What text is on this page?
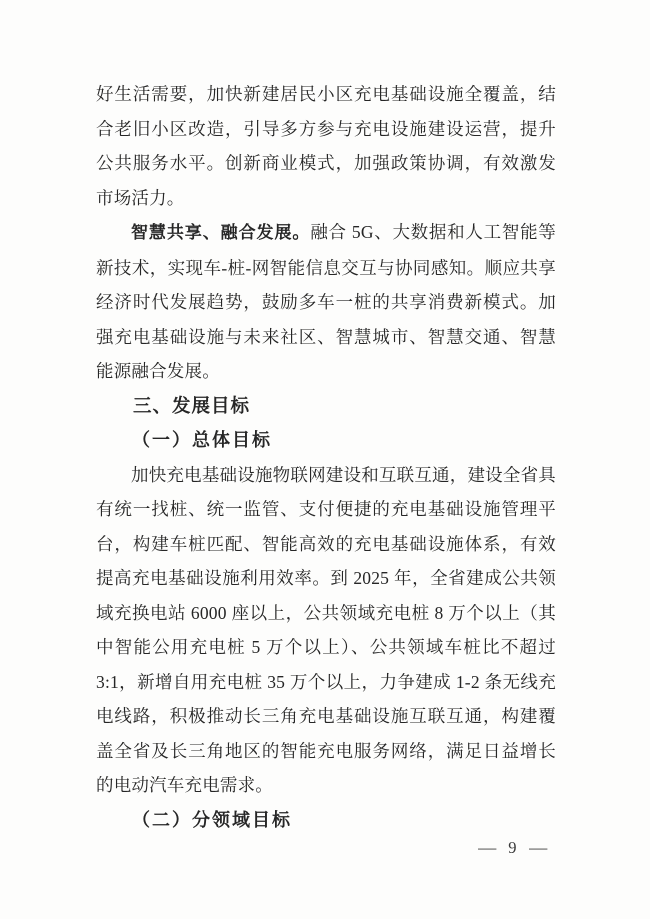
好生活需要，加快新建居民小区充电基础设施全覆盖，结合老旧小区改造，引导多方参与充电设施建设运营，提升公共服务水平。创新商业模式，加强政策协调，有效激发市场活力。

智慧共享、融合发展。融合 5G、大数据和人工智能等新技术，实现车-桩-网智能信息交互与协同感知。顺应共享经济时代发展趋势，鼓励多车一桩的共享消费新模式。加强充电基础设施与未来社区、智慧城市、智慧交通、智慧能源融合发展。

三、发展目标

（一）总体目标

加快充电基础设施物联网建设和互联互通，建设全省具有统一找桩、统一监管、支付便捷的充电基础设施管理平台，构建车桩匹配、智能高效的充电基础设施体系，有效提高充电基础设施利用效率。到 2025 年，全省建成公共领域充换电站 6000 座以上，公共领域充电桩 8 万个以上（其中智能公用充电桩 5 万个以上）、公共领域车桩比不超过 3:1，新增自用充电桩 35 万个以上，力争建成 1-2 条无线充电线路，积极推动长三角充电基础设施互联互通，构建覆盖全省及长三角地区的智能充电服务网络，满足日益增长的电动汽车充电需求。

（二）分领域目标

— 9 —
